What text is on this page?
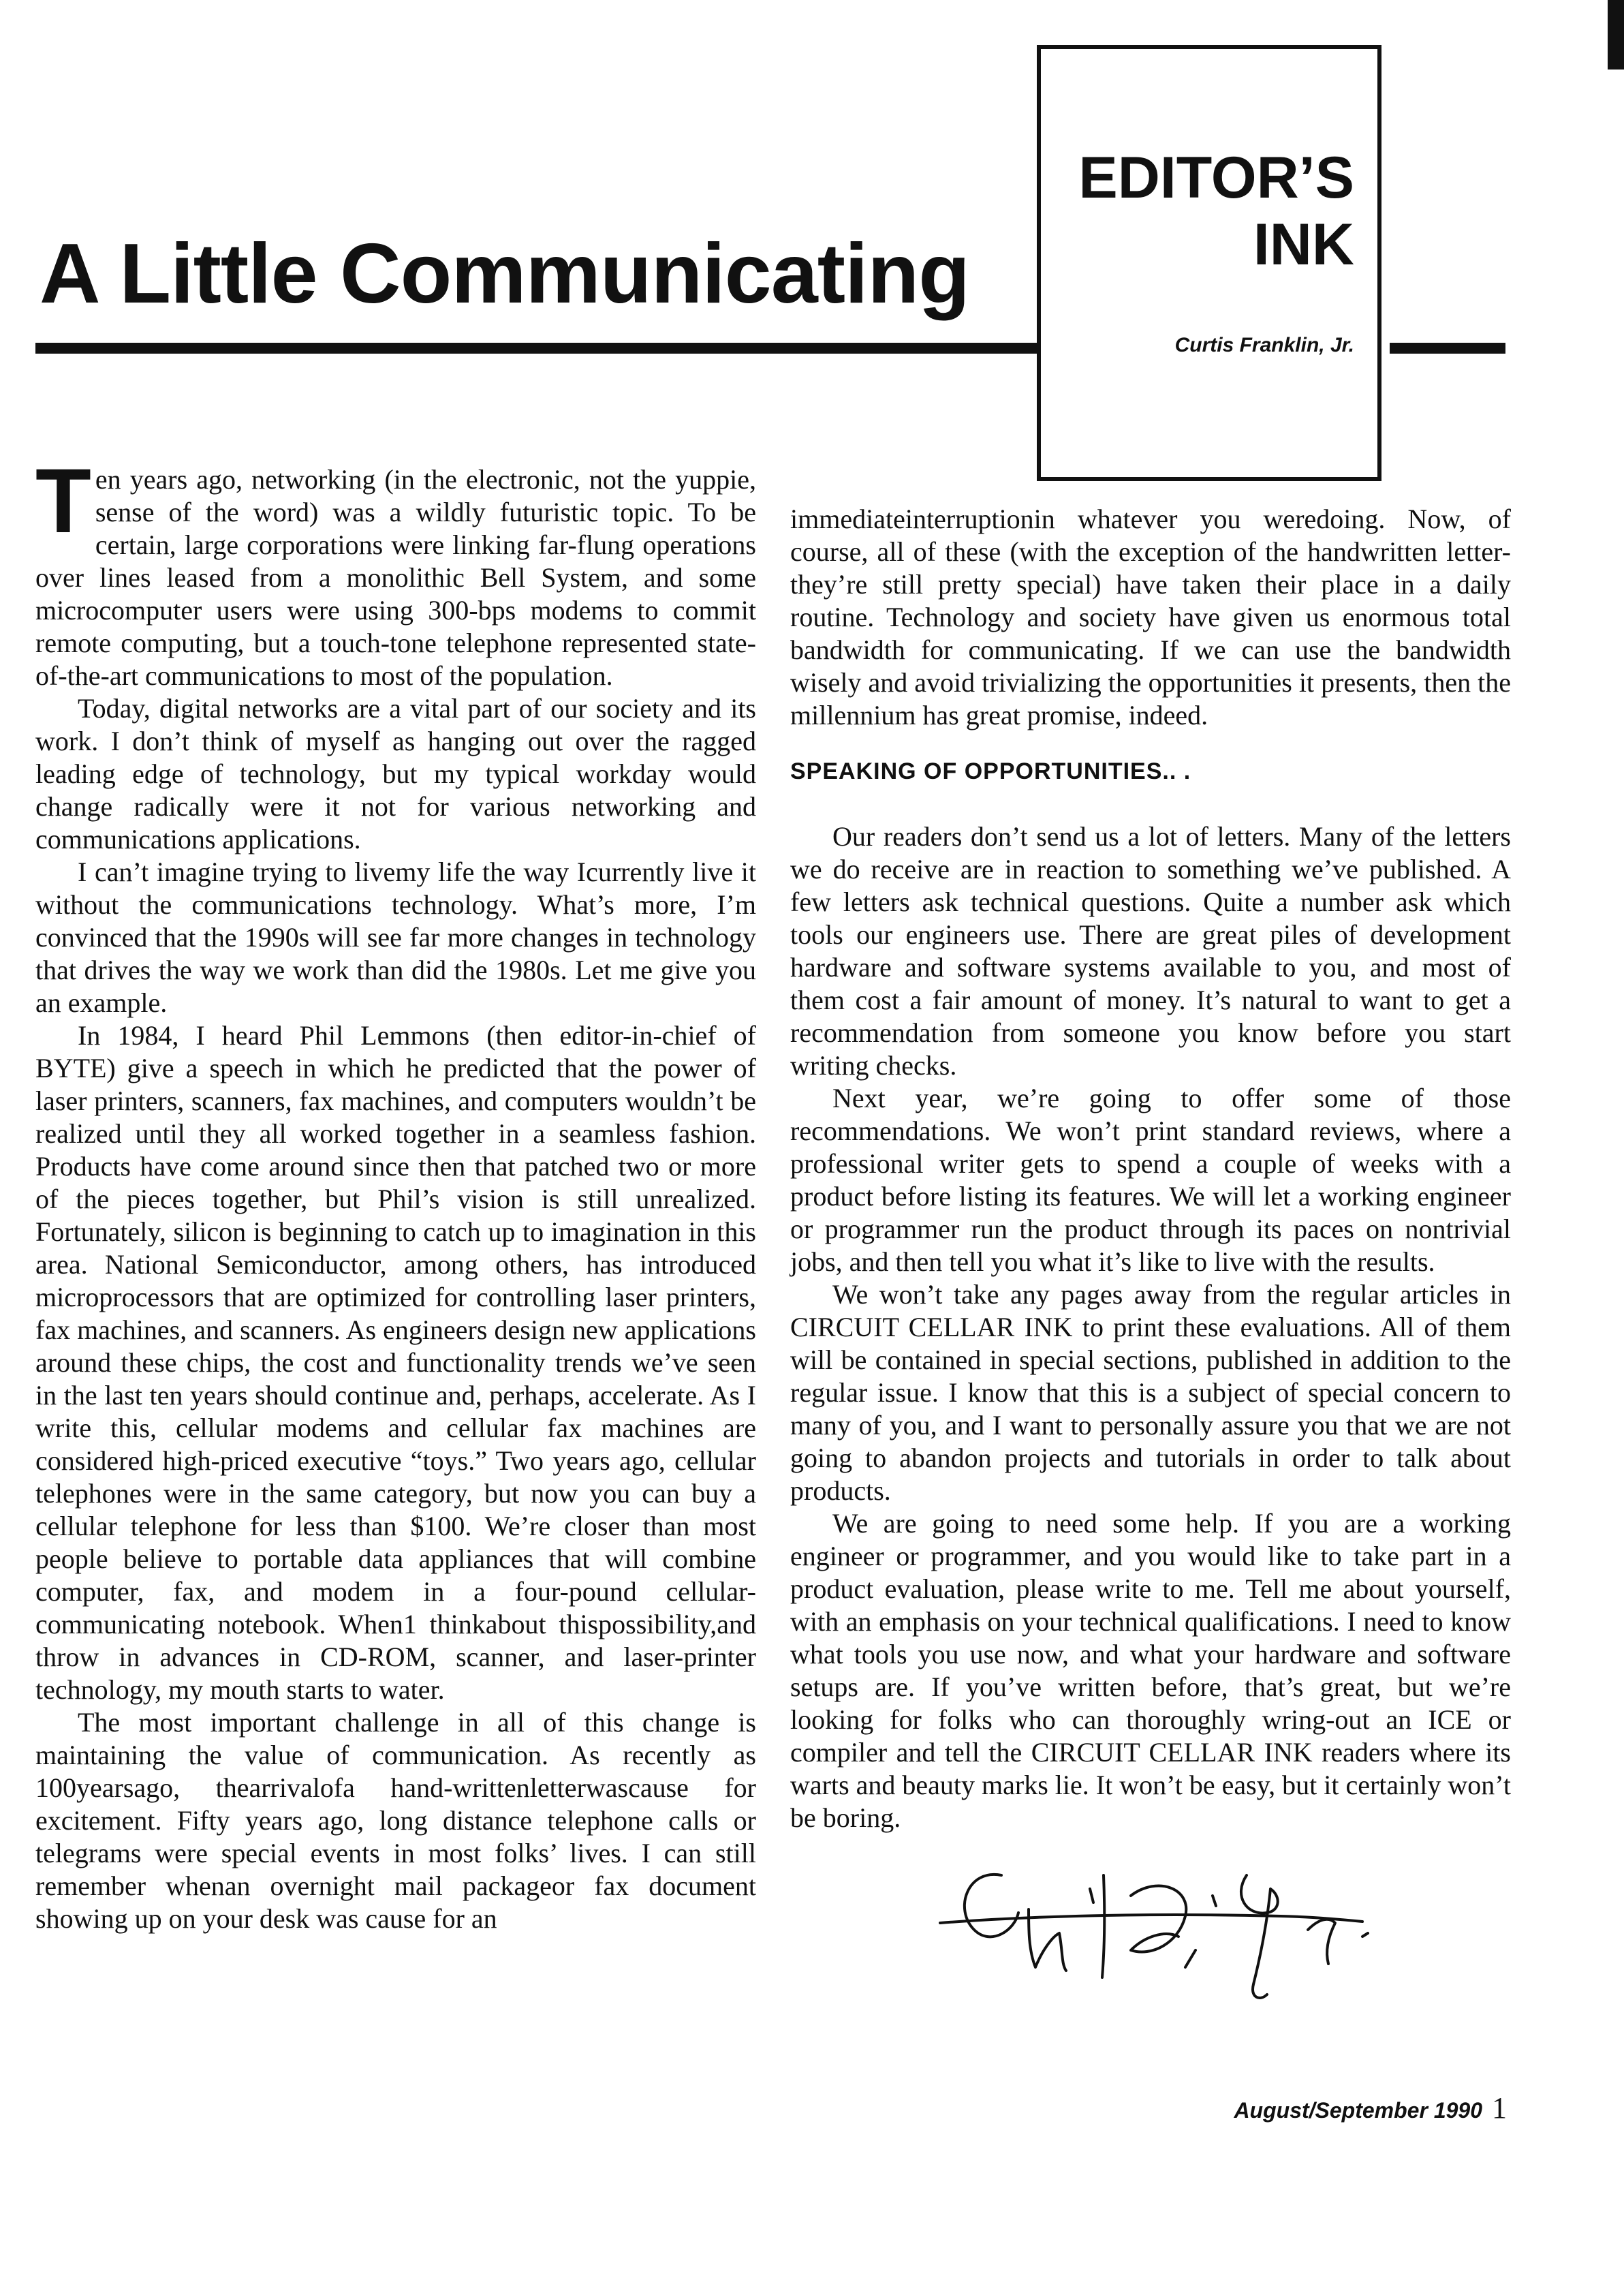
A Little Communicating
EDITOR’S
INK
Curtis Franklin, Jr.

Ten years ago, networking (in the electronic, not the yuppie, sense of the word) was a wildly futuristic topic. To be certain, large corporations were linking far-flung operations over lines leased from a monolithic Bell System, and some microcomputer users were using 300-bps modems to commit remote computing, but a touch-tone telephone represented state-of-the-art communications to most of the population.

Today, digital networks are a vital part of our society and its work. I don’t think of myself as hanging out over the ragged leading edge of technology, but my typical workday would change radically were it not for various networking and communications applications.

I can’t imagine trying to livemy life the way Icurrently live it without the communications technology. What’s more, I’m convinced that the 1990s will see far more changes in technology that drives the way we work than did the 1980s. Let me give you an example.

In 1984, I heard Phil Lemmons (then editor-in-chief of BYTE) give a speech in which he predicted that the power of laser printers, scanners, fax machines, and computers wouldn’t be realized until they all worked together in a seamless fashion. Products have come around since then that patched two or more of the pieces together, but Phil’s vision is still unrealized. Fortunately, silicon is beginning to catch up to imagination in this area. National Semiconductor, among others, has introduced microprocessors that are optimized for controlling laser printers, fax machines, and scanners. As engineers design new applications around these chips, the cost and functionality trends we’ve seen in the last ten years should continue and, perhaps, accelerate. As I write this, cellular modems and cellular fax machines are considered high-priced executive “toys.” Two years ago, cellular telephones were in the same category, but now you can buy a cellular telephone for less than $100. We’re closer than most people believe to portable data appliances that will combine computer, fax, and modem in a four-pound cellular-communicating notebook. When1 thinkabout thispossibility,and throw in advances in CD-ROM, scanner, and laser-printer technology, my mouth starts to water.

The most important challenge in all of this change is maintaining the value of communication. As recently as 100yearsago, thearrivalofa hand-writtenletterwascause for excitement. Fifty years ago, long distance telephone calls or telegrams were special events in most folks’ lives. I can still remember whenan overnight mail packageor fax document showing up on your desk was cause for an

immediateinterruptionin whatever you weredoing. Now, of course, all of these (with the exception of the handwritten letter-they’re still pretty special) have taken their place in a daily routine. Technology and society have given us enormous total bandwidth for communicating. If we can use the bandwidth wisely and avoid trivializing the opportunities it presents, then the millennium has great promise, indeed.

SPEAKING OF OPPORTUNITIES.. .

Our readers don’t send us a lot of letters. Many of the letters we do receive are in reaction to something we’ve published. A few letters ask technical questions. Quite a number ask which tools our engineers use. There are great piles of development hardware and software systems available to you, and most of them cost a fair amount of money. It’s natural to want to get a recommendation from someone you know before you start writing checks.

Next year, we’re going to offer some of those recommendations. We won’t print standard reviews, where a professional writer gets to spend a couple of weeks with a product before listing its features. We will let a working engineer or programmer run the product through its paces on nontrivial jobs, and then tell you what it’s like to live with the results.

We won’t take any pages away from the regular articles in CIRCUIT CELLAR INK to print these evaluations. All of them will be contained in special sections, published in addition to the regular issue. I know that this is a subject of special concern to many of you, and I want to personally assure you that we are not going to abandon projects and tutorials in order to talk about products.

We are going to need some help. If you are a working engineer or programmer, and you would like to take part in a product evaluation, please write to me. Tell me about yourself, with an emphasis on your technical qualifications. I need to know what tools you use now, and what your hardware and software setups are. If you’ve written before, that’s great, but we’re looking for folks who can thoroughly wring-out an ICE or compiler and tell the CIRCUIT CELLAR INK readers where its warts and beauty marks lie. It won’t be easy, but it certainly won’t be boring.

August/September 1990 1
